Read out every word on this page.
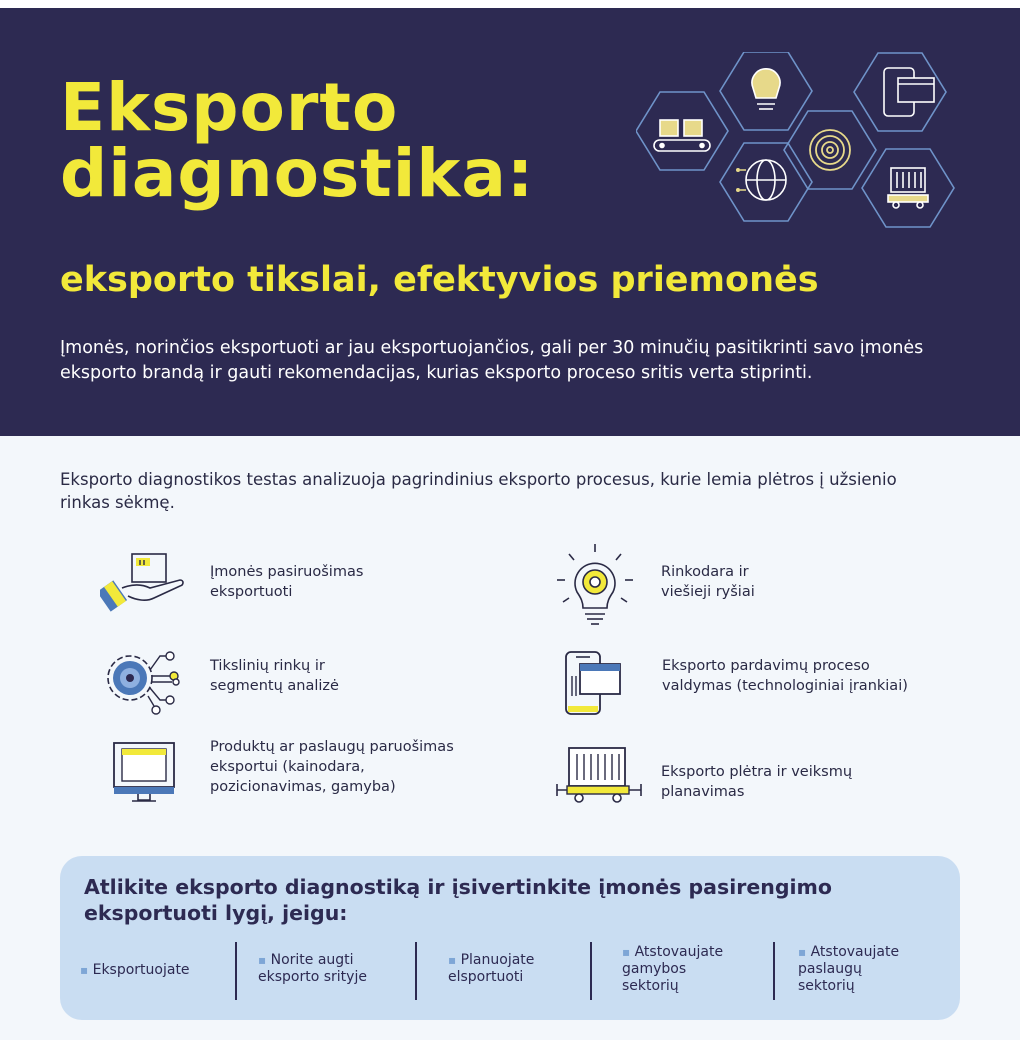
Eksporto
diagnostika:
eksporto tikslai, efektyvios priemonės

Įmonės, norinčios eksportuoti ar jau eksportuojančios, gali per 30 minučių pasitikrinti savo įmonės eksporto brandą ir gauti rekomendacijas, kurias eksporto proceso sritis verta stiprinti.

Eksporto diagnostikos testas analizuoja pagrindinius eksporto procesus, kurie lemia plėtros į užsienio rinkas sėkmę.

Įmonės pasiruošimas
eksportuoti
Rinkodara ir
viešieji ryšiai
Tikslinių rinkų ir
segmentų analizė
Eksporto pardavimų proceso
valdymas (technologiniai įrankiai)
Produktų ar paslaugų paruošimas
eksportui (kainodara,
pozicionavimas, gamyba)
Eksporto plėtra ir veiksmų
planavimas
Atlikite eksporto diagnostiką ir įsivertinkite įmonės pasirengimo
eksportuoti lygį, jeigu:
▪ Eksportuojate
▪ Norite augti
eksporto srityje
▪ Planuojate
elsportuoti
▪ Atstovaujate
gamybos
sektorių
▪ Atstovaujate
paslaugų
sektorių
